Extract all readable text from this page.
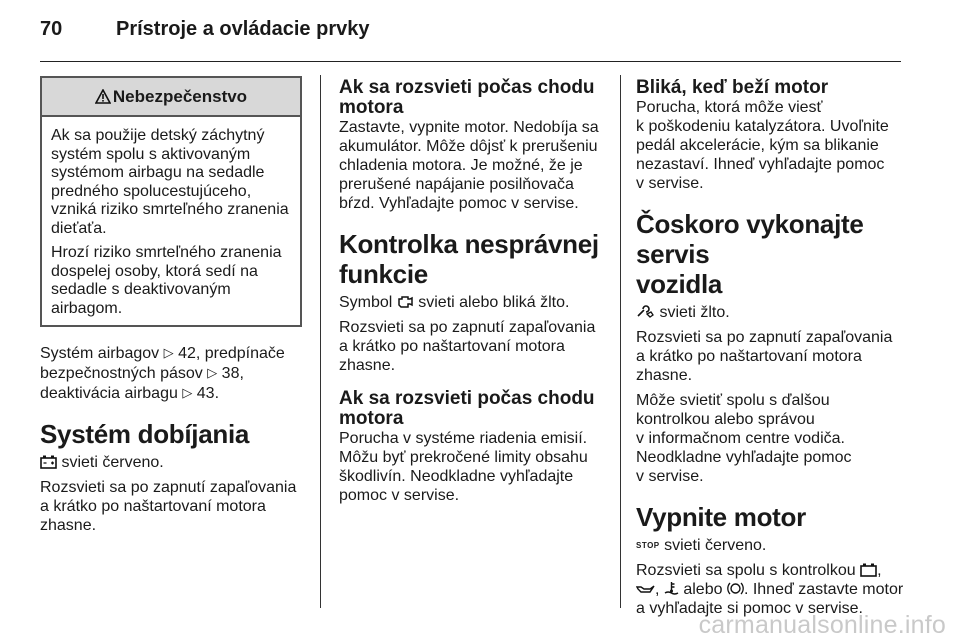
70	Prístroje a ovládacie prvky
Nebezpečenstvo

Ak sa použije detský záchytný
systém spolu s aktivovaným
systémom airbagu na sedadle
predného spolucestujúceho,
vzniká riziko smrteľného zranenia
dieťaťa.

Hrozí riziko smrteľného zranenia
dospelej osoby, ktorá sedí na
sedadle s deaktivovaným
airbagom.

Systém airbagov ▷ 42, predpínače
bezpečnostných pásov ▷ 38,
deaktivácia airbagu ▷ 43.

Systém dobíjania

svieti červeno.

Rozsvieti sa po zapnutí zapaľovania
a krátko po naštartovaní motora
zhasne.

Ak sa rozsvieti počas chodu
motora

Zastavte, vypnite motor. Nedobíja sa
akumulátor. Môže dôjsť k prerušeniu
chladenia motora. Je možné, že je
prerušené napájanie posilňovača
bŕzd. Vyhľadajte pomoc v servise.

Kontrolka nesprávnej
funkcie

Symbol  svieti alebo bliká žlto.

Rozsvieti sa po zapnutí zapaľovania
a krátko po naštartovaní motora
zhasne.

Ak sa rozsvieti počas chodu
motora

Porucha v systéme riadenia emisií.
Môžu byť prekročené limity obsahu
škodlivín. Neodkladne vyhľadajte
pomoc v servise.

Bliká, keď beží motor

Porucha, ktorá môže viesť
k poškodeniu katalyzátora. Uvoľnite
pedál akcelerácie, kým sa blikanie
nezastaví. Ihneď vyhľadajte pomoc
v servise.

Čoskoro vykonajte servis
vozidla

svieti žlto.

Rozsvieti sa po zapnutí zapaľovania
a krátko po naštartovaní motora
zhasne.

Môže svietiť spolu s ďalšou
kontrolkou alebo správou
v informačnom centre vodiča.
Neodkladne vyhľadajte pomoc
v servise.

Vypnite motor

STOP svieti červeno.

Rozsvieti sa spolu s kontrolkou ,
,  alebo . Ihneď zastavte motor
a vyhľadajte si pomoc v servise.

carmanualsonline.info
